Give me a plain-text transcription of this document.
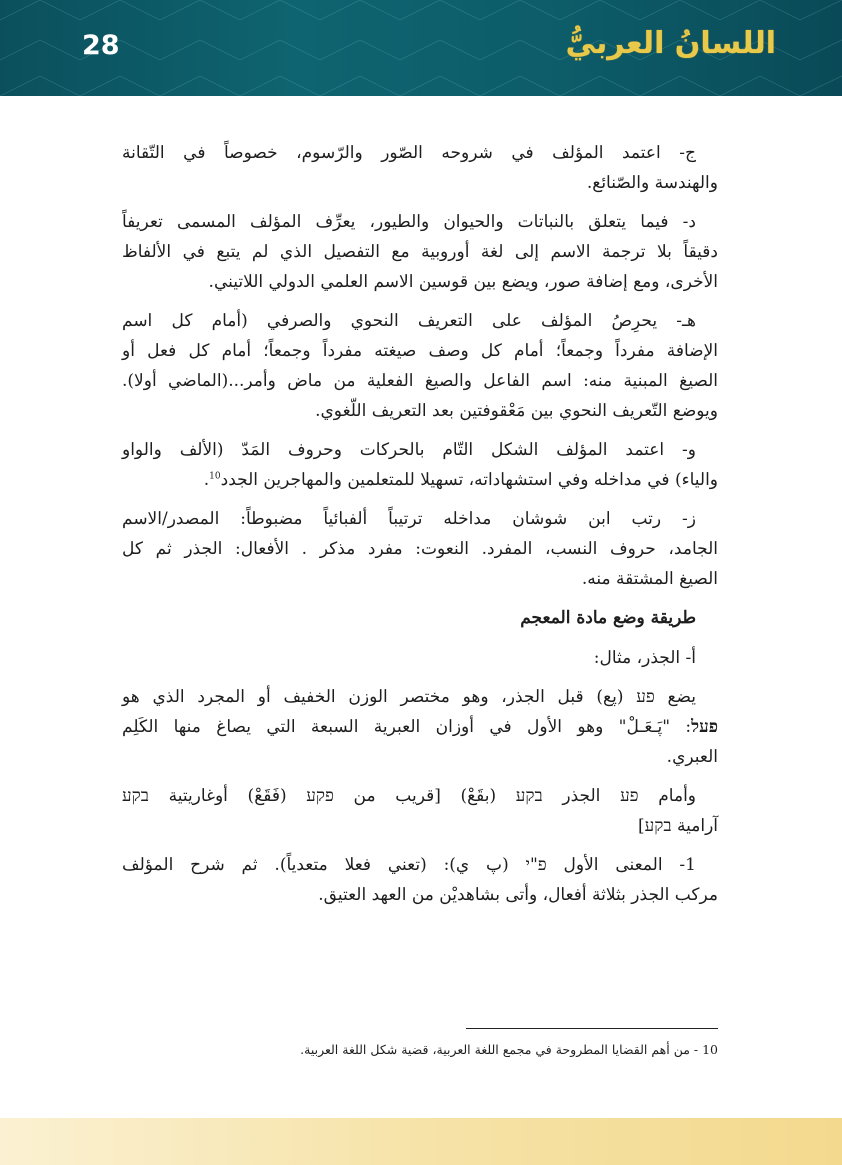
28	اللسانُ العربيُّ

ج- اعتمد المؤلف في شروحه الصّور والرّسوم، خصوصاً في التّقانة
والهندسة والصّنائع.

د- فيما يتعلق بالنباتات والحيوان والطيور، يعرِّف المؤلف المسمى تعريفاً
دقيقاً بلا ترجمة الاسم إلى لغة أوروبية مع التفصيل الذي لم يتبع في الألفاظ
الأخرى، ومع إضافة صور، ويضع بين قوسين الاسم العلمي الدولي اللاتيني.

هـ- يحرِصُ المؤلف على التعريف النحوي والصرفي (أمام كل اسم
الإضافة مفرداً وجمعاً؛ أمام كل وصف صيغته مفرداً وجمعاً؛ أمام كل فعل أو
الصيغ المبنية منه: اسم الفاعل والصيغ الفعلية من ماض وأمر...(الماضي أولا).
ويوضع التّعريف النحوي بين مَعْقوفتين بعد التعريف اللّغوي.

و- اعتمد المؤلف الشكل التّام بالحركات وحروف المَدّ (الألف والواو
والياء) في مداخله وفي استشهاداته، تسهيلا للمتعلمين والمهاجرين الجدد$^{10}$.

ز- رتب ابن شوشان مداخله ترتيباً ألفبائياً مضبوطاً: المصدر/الاسم
الجامد، حروف النسب، المفرد. النعوت: مفرد مذكر . الأفعال: الجذر ثم كل
الصيغ المشتقة منه.

طريقة وضع مادة المعجم

أ- الجذر، مثال:

يضع פע (پع) قبل الجذر، وهو مختصر الوزن الخفيف أو المجرد الذي هو
פעל: "پَـعَـلْ" وهو الأول في أوزان العبرية السبعة التي يصاغ منها الكَلِم
العبري.

وأمام פע الجذر בקע (بقَعْ) [قريب من פקע (فَقَعْ) أوغاريتية בקע
آرامية בקע]

1- المعنى الأول פ"י (پ ي): (تعني فعلا متعدياً). ثم شرح المؤلف
مركب الجذر بثلاثة أفعال، وأتى بشاهديْن من العهد العتيق.

10 - من أهم القضايا المطروحة في مجمع اللغة العربية، قضية شكل اللغة العربية.
